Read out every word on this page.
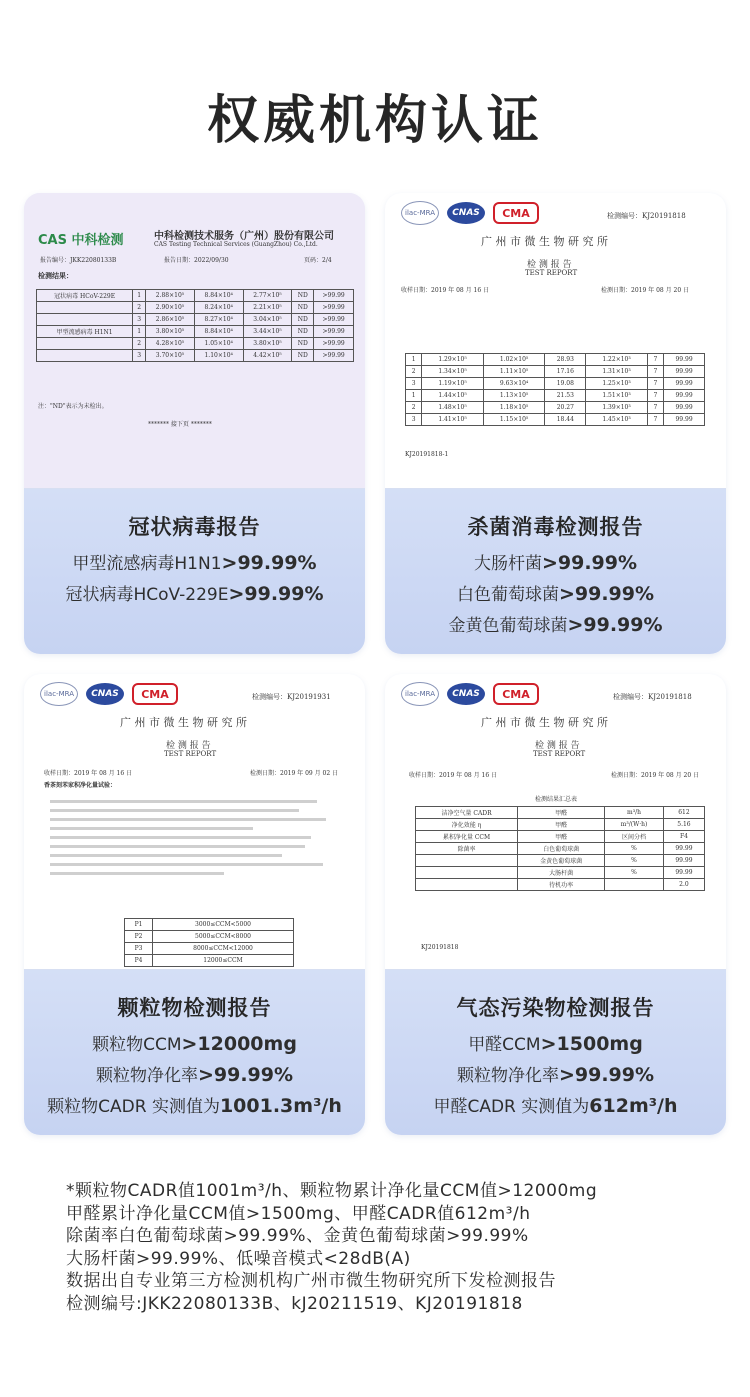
权威机构认证
CAS 中科检测	中科检测技术服务（广州）股份有限公司
CAS Testing Technical Services (GuangZhou) Co.,Ltd.
报告编号：JKK22080133B	报告日期：2022/09/30	页码：2/4
检测结果：
冠状病毒 HCoV-229E	1	2.88×10⁵	8.84×10⁴	2.77×10⁵	ND	>99.99
	2	2.90×10⁵	8.24×10⁴	2.21×10⁵	ND	>99.99
	3	2.86×10⁵	8.27×10⁴	3.04×10⁵	ND	>99.99
甲型流感病毒 H1N1	1	3.80×10⁵	8.84×10⁴	3.44×10⁵	ND	>99.99
	2	4.28×10⁵	1.05×10⁴	3.80×10⁵	ND	>99.99
	3	3.70×10⁵	1.10×10⁴	4.42×10⁵	ND	>99.99
注："ND"表示为未检出。
******* 接下页 *******
冠状病毒报告
甲型流感病毒H1N1>99.99%
冠状病毒HCoV-229E>99.99%
ilac-MRA	CNAS	CMA	检测编号：KJ20191818
广 州 市 微 生 物 研 究 所
检 测 报 告
TEST REPORT
收样日期：2019 年 08 月 16 日	检测日期：2019 年 08 月 20 日
1	1.29×10⁵	1.02×10⁵	28.93	1.22×10³	7	99.99
2	1.34×10⁵	1.11×10⁵	17.16	1.31×10³	7	99.99
3	1.19×10⁵	9.63×10⁴	19.08	1.25×10³	7	99.99
1	1.44×10⁵	1.13×10⁵	21.53	1.51×10³	7	99.99
2	1.48×10⁵	1.18×10⁵	20.27	1.39×10³	7	99.99
3	1.41×10⁵	1.15×10⁵	18.44	1.45×10³	7	99.99
KJ20191818-1
杀菌消毒检测报告
大肠杆菌>99.99%
白色葡萄球菌>99.99%
金黄色葡萄球菌>99.99%
ilac-MRA	CNAS	CMA	检测编号：KJ20191931
广 州 市 微 生 物 研 究 所
检 测 报 告
TEST REPORT
收样日期：2019 年 08 月 16 日	检测日期：2019 年 09 月 02 日
香茶刻苯家积净化量试验：
P1	3000≤CCM<5000
P2	5000≤CCM<8000
P3	8000≤CCM<12000
P4	12000≤CCM
颗粒物检测报告
颗粒物CCM>12000mg
颗粒物净化率>99.99%
颗粒物CADR 实测值为1001.3m³/h
ilac-MRA	CNAS	CMA	检测编号：KJ20191818
广 州 市 微 生 物 研 究 所
检 测 报 告
TEST REPORT
收样日期：2019 年 08 月 16 日	检测日期：2019 年 08 月 20 日
检测结果汇总表
洁净空气量 CADR	甲醛	m³/h	612
净化效能 η	甲醛	m³/(W·h)	5.16
累积净化量 CCM	甲醛	区间分档	F4
除菌率	白色葡萄球菌	%	99.99
	金黄色葡萄球菌	%	99.99
	大肠杆菌	%	99.99
	待机功率		2.0
KJ20191818
气态污染物检测报告
甲醛CCM>1500mg
颗粒物净化率>99.99%
甲醛CADR 实测值为612m³/h
*颗粒物CADR值1001m³/h、颗粒物累计净化量CCM值>12000mg
甲醛累计净化量CCM值>1500mg、甲醛CADR值612m³/h
除菌率白色葡萄球菌>99.99%、金黄色葡萄球菌>99.99%
大肠杆菌>99.99%、低噪音模式<28dB(A)
数据出自专业第三方检测机构广州市微生物研究所下发检测报告
检测编号:JKK22080133B、kJ20211519、KJ20191818
